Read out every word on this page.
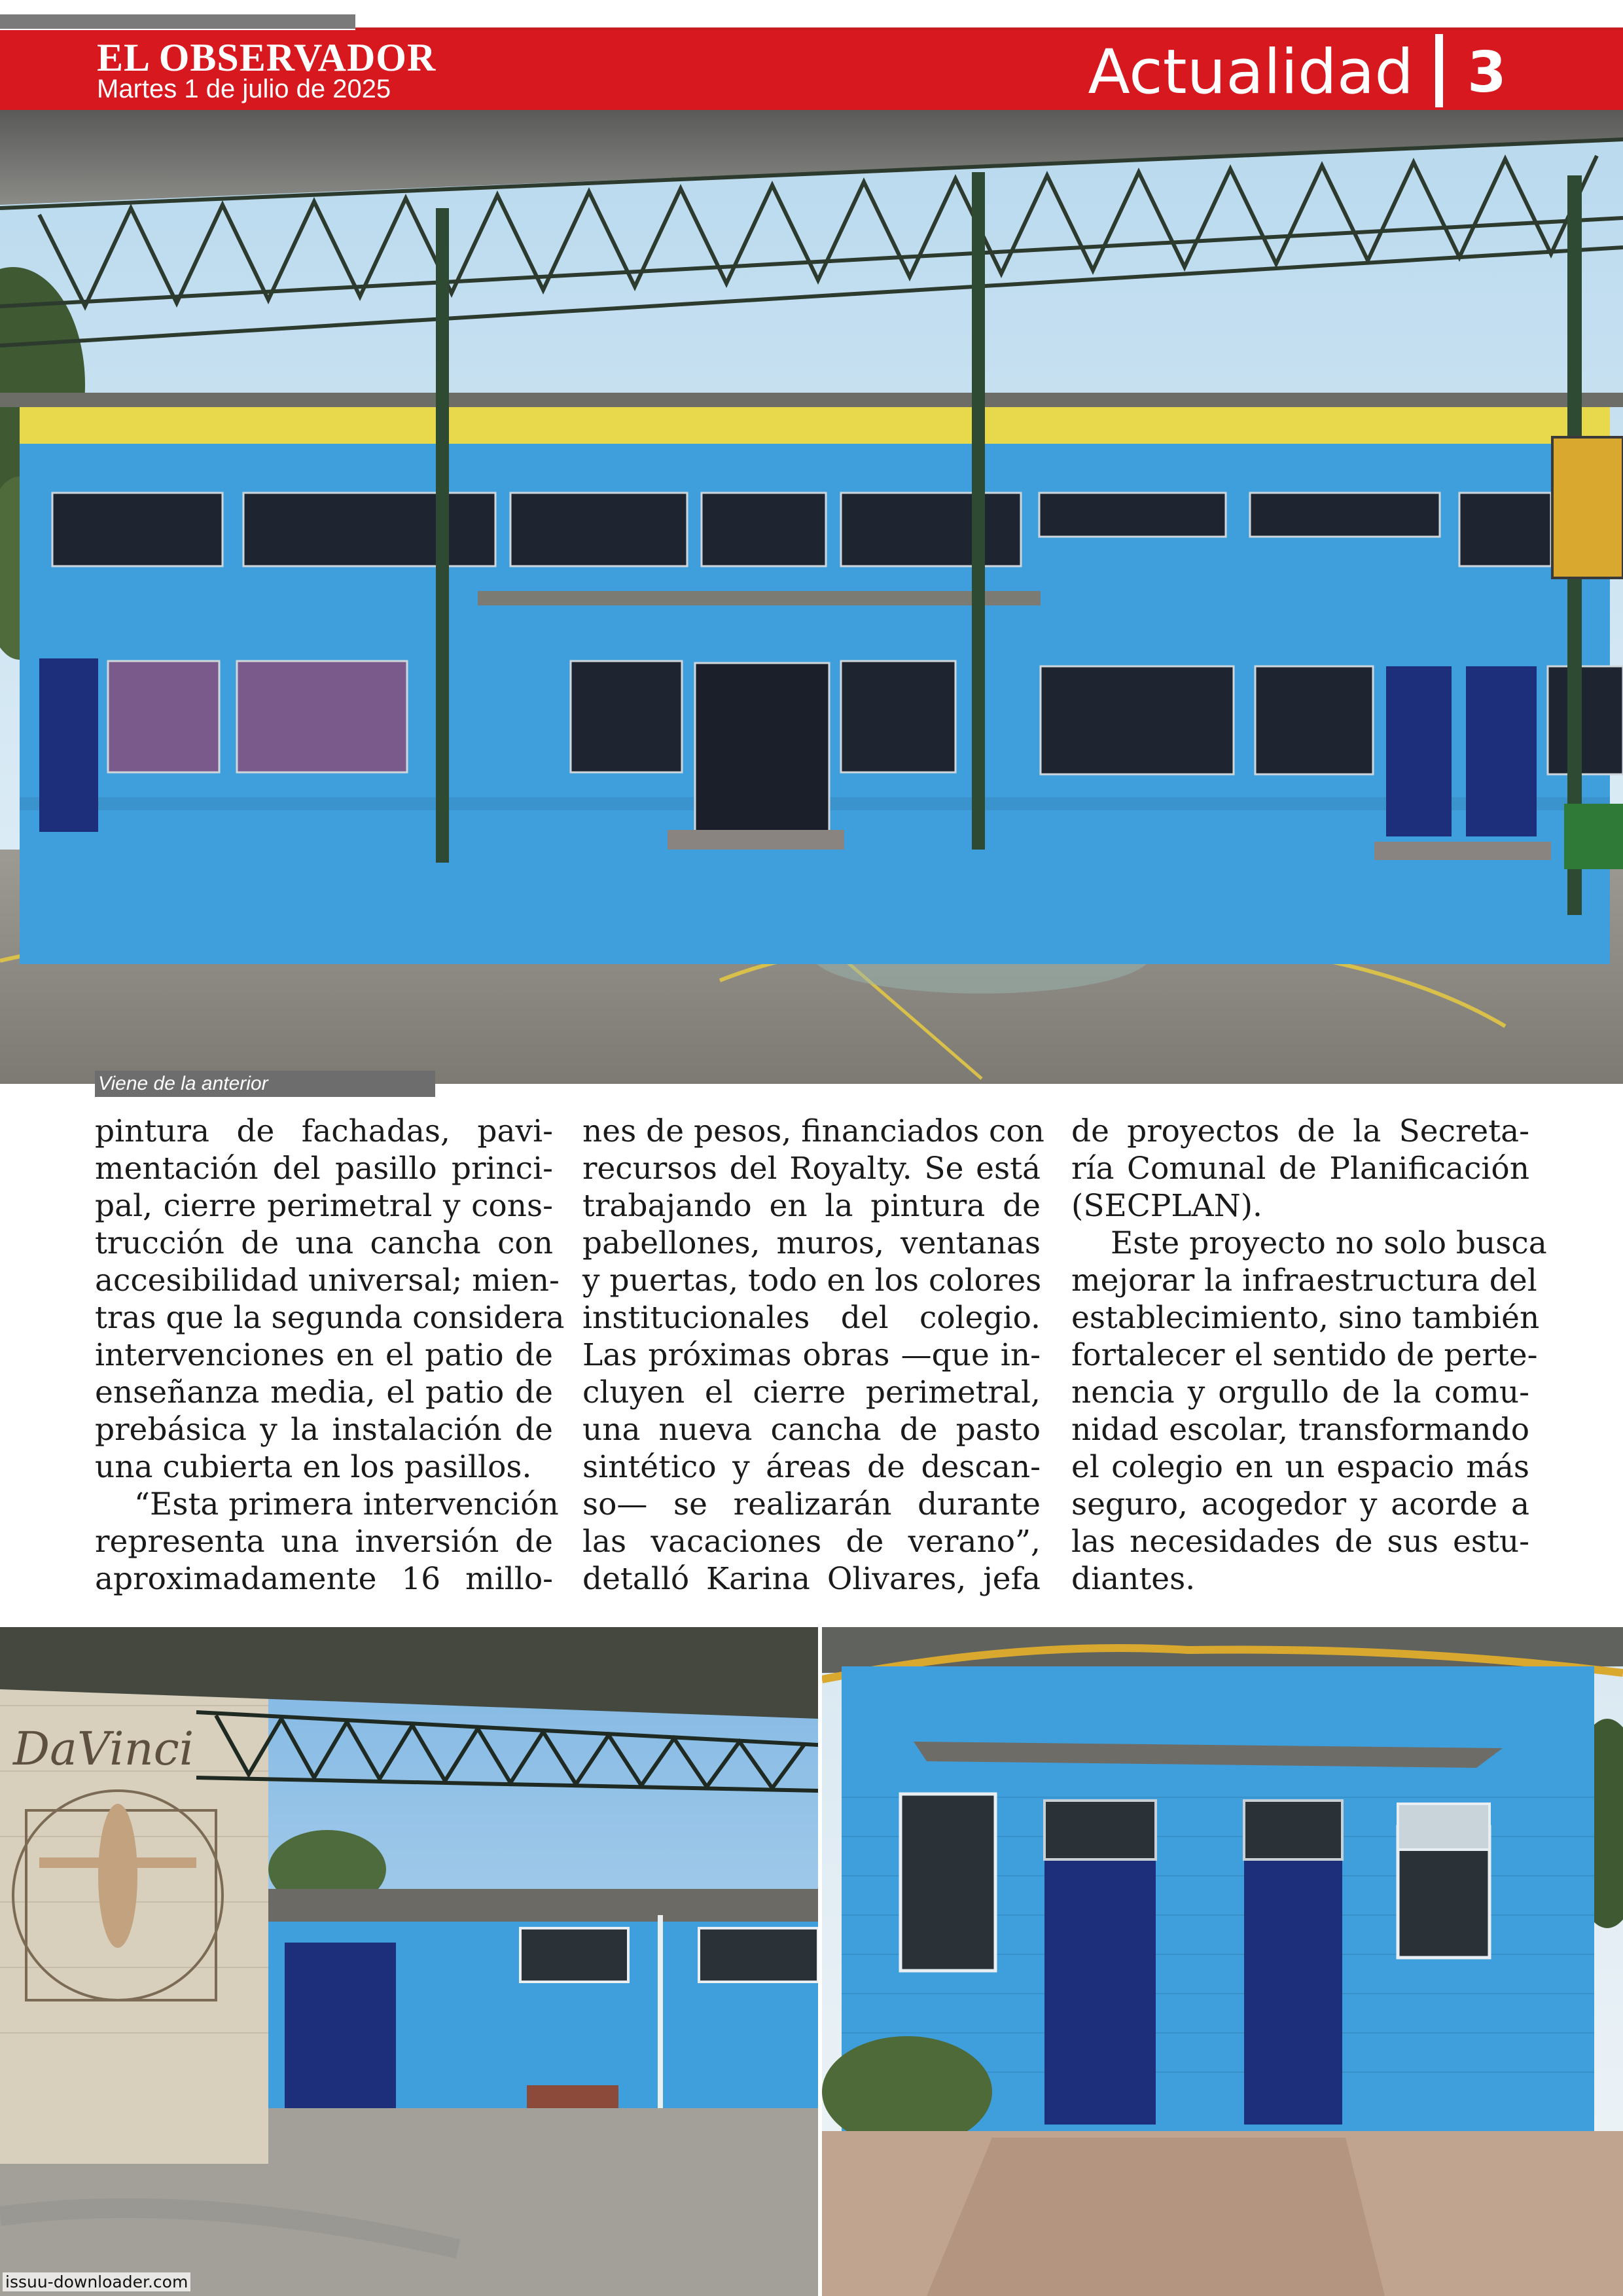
EL OBSERVADOR
Martes 1 de julio de 2025	Actualidad 3
Viene de la anterior
pintura de fachadas, pavi-
mentación del pasillo princi-
pal, cierre perimetral y cons-
trucción de una cancha con
accesibilidad universal; mien-
tras que la segunda considera
intervenciones en el patio de
enseñanza media, el patio de
prebásica y la instalación de
una cubierta en los pasillos.
“Esta primera intervención
representa una inversión de
aproximadamente 16 millo-
nes de pesos, financiados con
recursos del Royalty. Se está
trabajando en la pintura de
pabellones, muros, ventanas
y puertas, todo en los colores
institucionales del colegio.
Las próximas obras —que in-
cluyen el cierre perimetral,
una nueva cancha de pasto
sintético y áreas de descan-
so— se realizarán durante
las vacaciones de verano”,
detalló Karina Olivares, jefa
de proyectos de la Secreta-
ría Comunal de Planificación
(SECPLAN).
Este proyecto no solo busca
mejorar la infraestructura del
establecimiento, sino también
fortalecer el sentido de perte-
nencia y orgullo de la comu-
nidad escolar, transformando
el colegio en un espacio más
seguro, acogedor y acorde a
las necesidades de sus estu-
diantes.
DaVinci
issuu-downloader.com
